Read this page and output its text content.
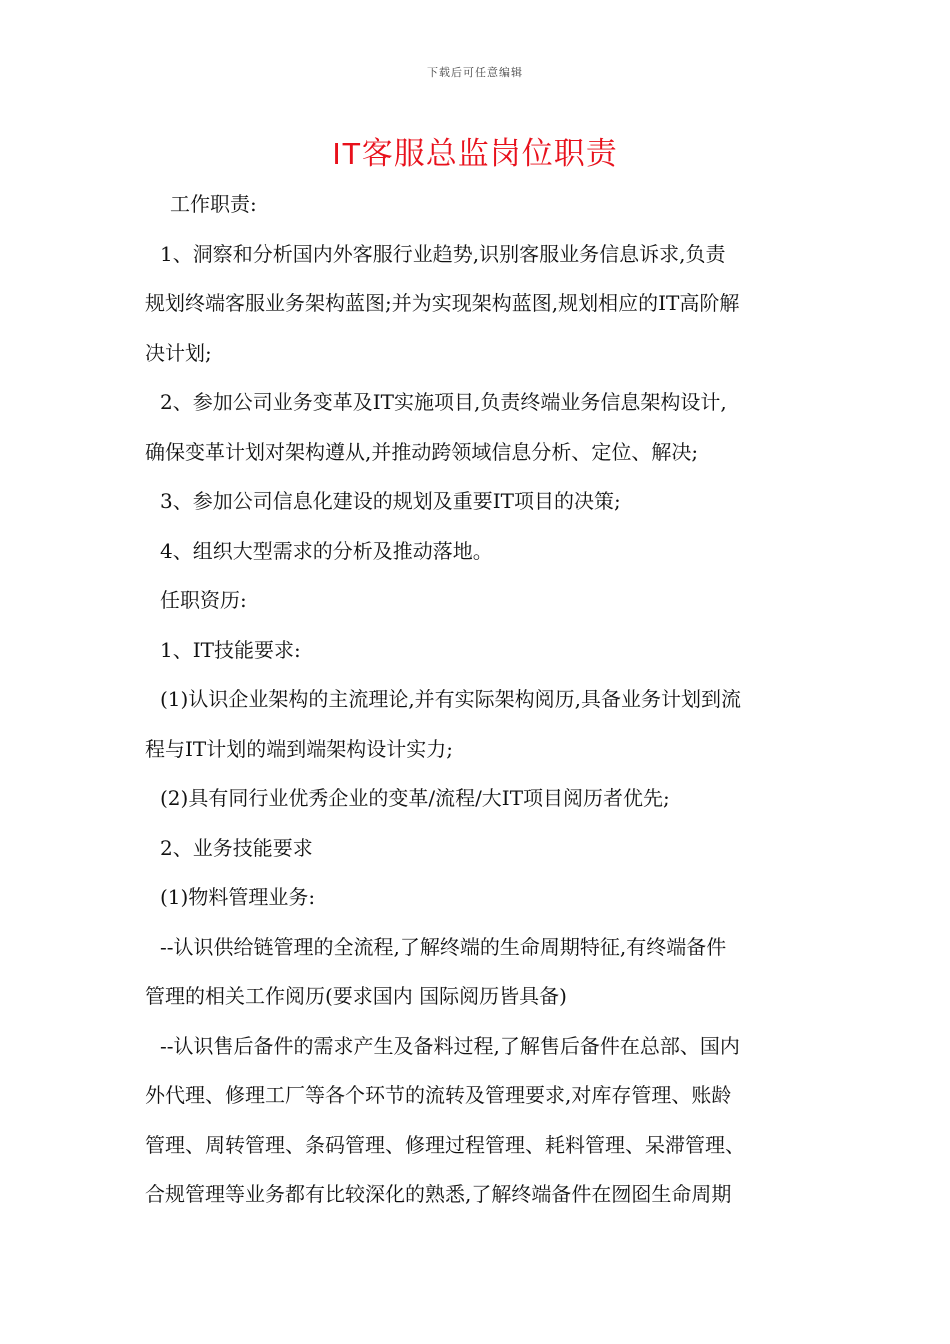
下载后可任意编辑
IT客服总监岗位职责
工作职责:
1、洞察和分析国内外客服行业趋势,识别客服业务信息诉求,负责
规划终端客服业务架构蓝图;并为实现架构蓝图,规划相应的IT高阶解
决计划;
2、参加公司业务变革及IT实施项目,负责终端业务信息架构设计,
确保变革计划对架构遵从,并推动跨领域信息分析、定位、解决;
3、参加公司信息化建设的规划及重要IT项目的决策;
4、组织大型需求的分析及推动落地。
任职资历:
1、IT技能要求:
(1)认识企业架构的主流理论,并有实际架构阅历,具备业务计划到流
程与IT计划的端到端架构设计实力;
(2)具有同行业优秀企业的变革/流程/大IT项目阅历者优先;
2、业务技能要求
(1)物料管理业务:
--认识供给链管理的全流程,了解终端的生命周期特征,有终端备件
管理的相关工作阅历(要求国内 国际阅历皆具备)
--认识售后备件的需求产生及备料过程,了解售后备件在总部、国内
外代理、修理工厂等各个环节的流转及管理要求,对库存管理、账龄
管理、周转管理、条码管理、修理过程管理、耗料管理、呆滞管理、
合规管理等业务都有比较深化的熟悉,了解终端备件在囫囵生命周期
